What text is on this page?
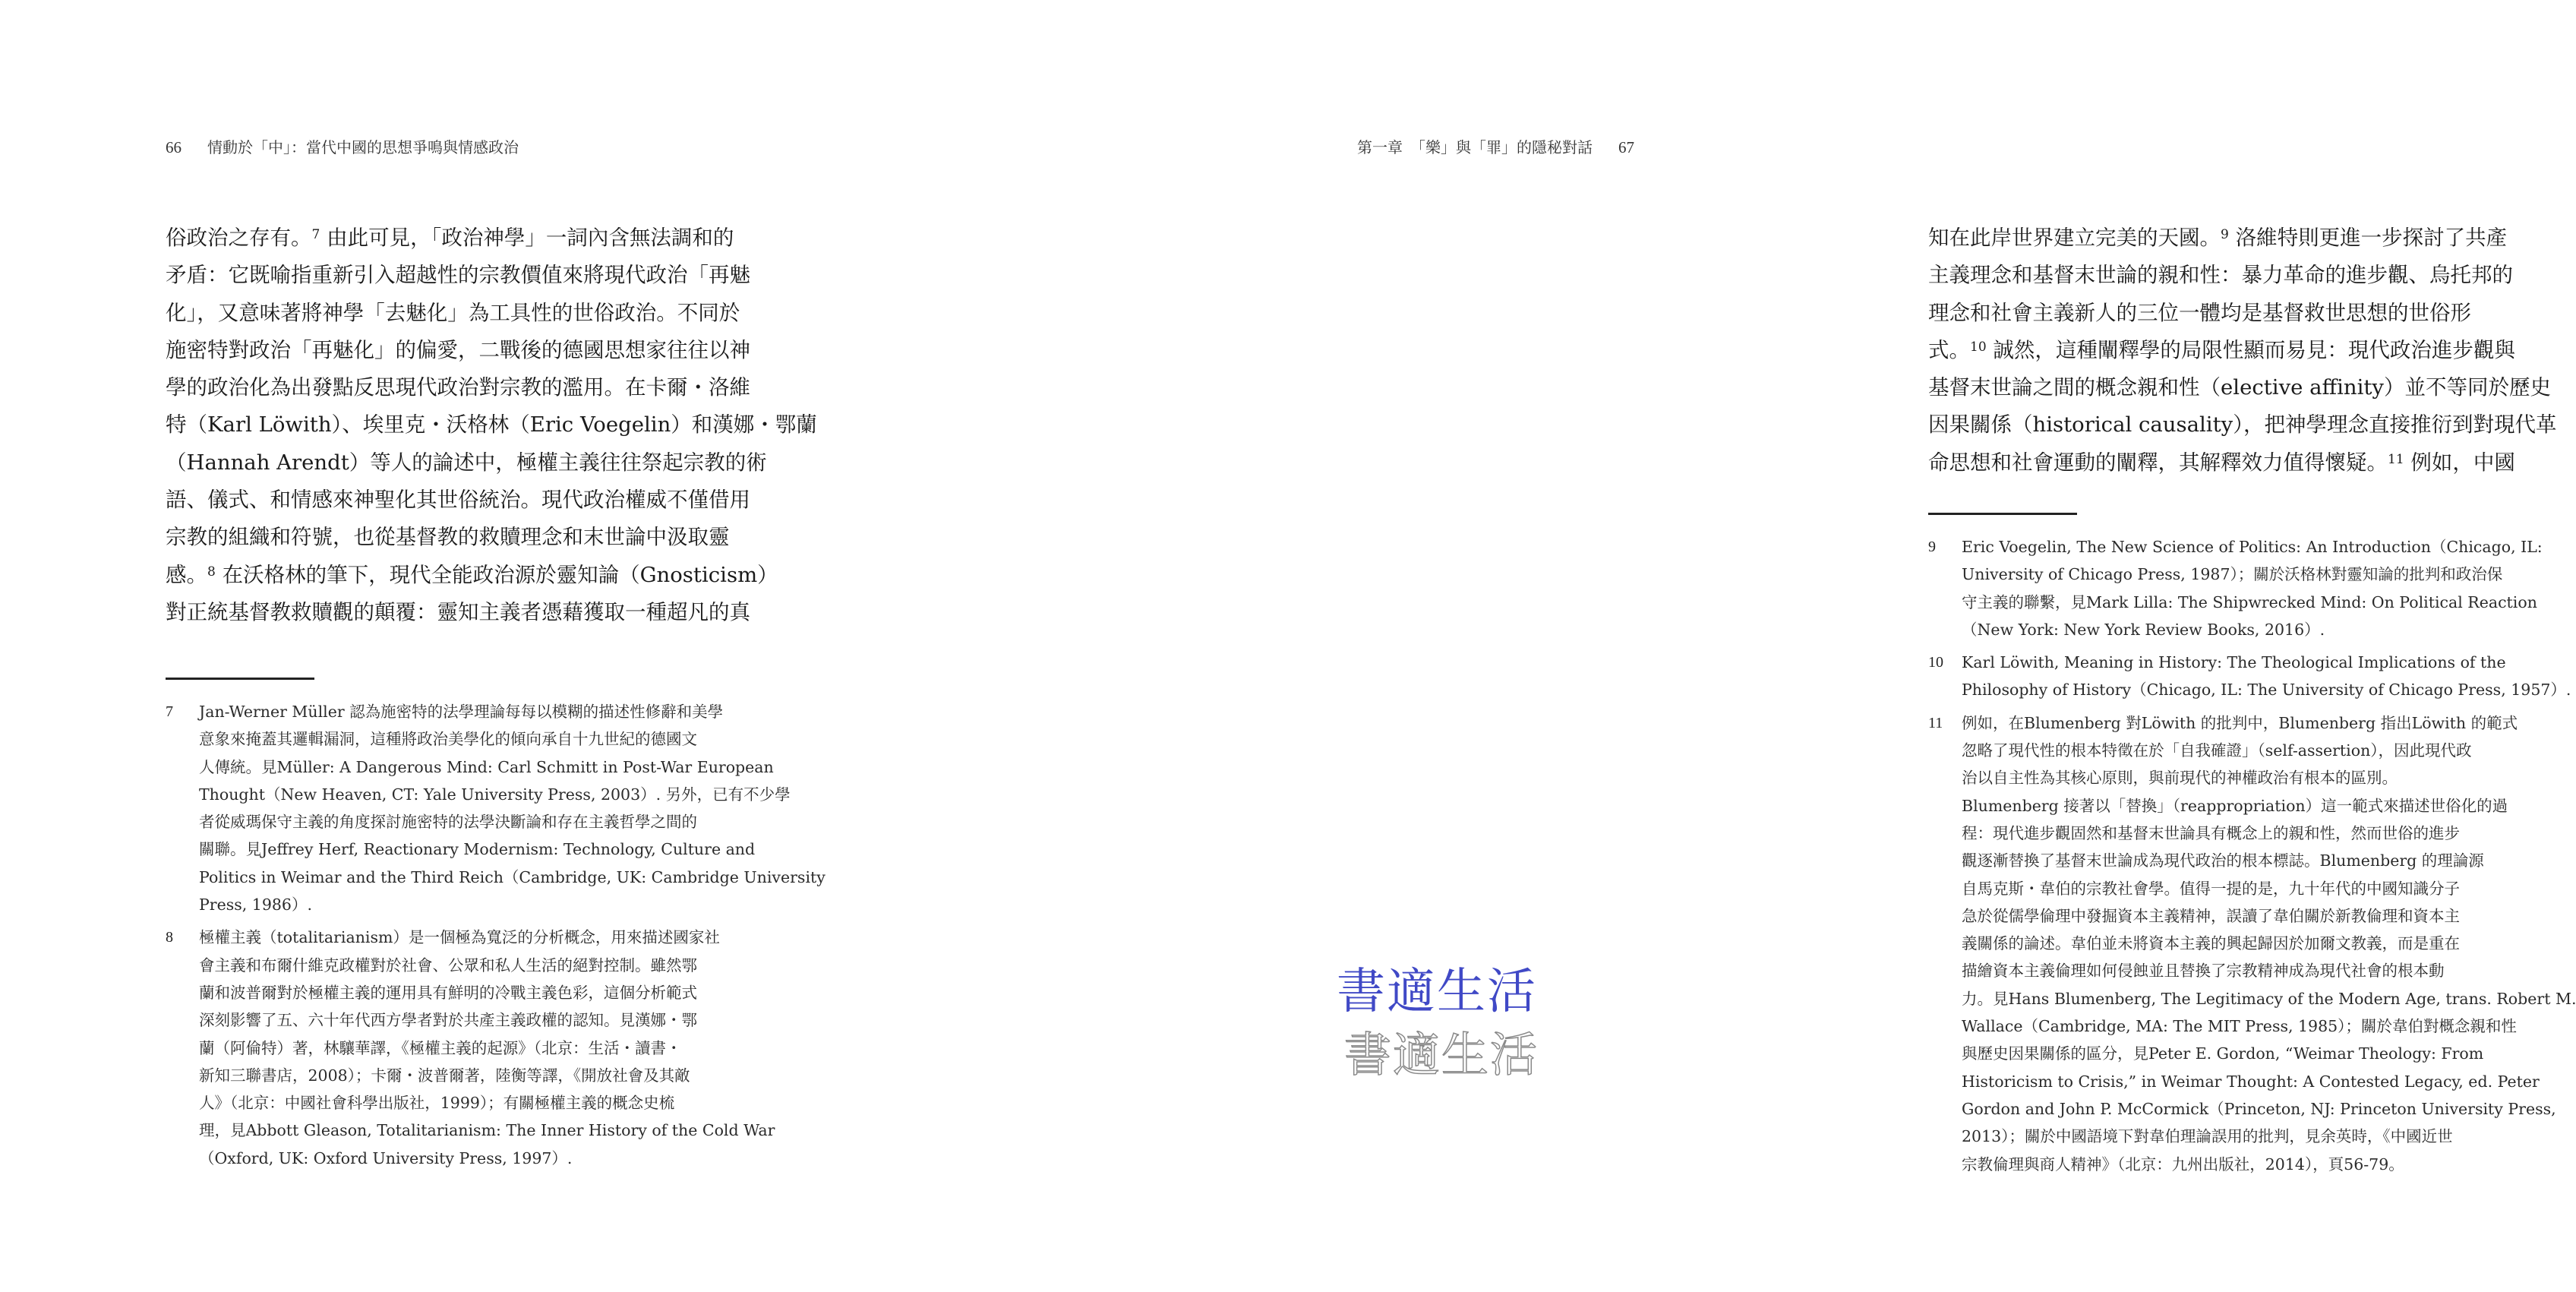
66 情動於「中」：當代中國的思想爭鳴與情感政治
俗政治之存有。$^7$ 由此可見，「政治神學」一詞內含無法調和的
矛盾：它既喻指重新引入超越性的宗教價值來將現代政治「再魅
化」，又意味著將神學「去魅化」為工具性的世俗政治。不同於
施密特對政治「再魅化」的偏愛，二戰後的德國思想家往往以神
學的政治化為出發點反思現代政治對宗教的濫用。在卡爾・洛維
特（Karl Löwith）、埃里克・沃格林（Eric Voegelin）和漢娜・鄂蘭
（Hannah Arendt）等人的論述中，極權主義往往祭起宗教的術
語、儀式、和情感來神聖化其世俗統治。現代政治權威不僅借用
宗教的組織和符號，也從基督教的救贖理念和末世論中汲取靈
感。$^8$ 在沃格林的筆下，現代全能政治源於靈知論（Gnosticism）
對正統基督教救贖觀的顛覆：靈知主義者憑藉獲取一種超凡的真
7 Jan-Werner Müller 認為施密特的法學理論每每以模糊的描述性修辭和美學
意象來掩蓋其邏輯漏洞，這種將政治美學化的傾向承自十九世紀的德國文
人傳統。見Müller: A Dangerous Mind: Carl Schmitt in Post-War European
Thought（New Heaven, CT: Yale University Press, 2003）. 另外，已有不少學
者從威瑪保守主義的角度探討施密特的法學決斷論和存在主義哲學之間的
關聯。見Jeffrey Herf, Reactionary Modernism: Technology, Culture and
Politics in Weimar and the Third Reich（Cambridge, UK: Cambridge University
Press, 1986）.
8 極權主義（totalitarianism）是一個極為寬泛的分析概念，用來描述國家社
會主義和布爾什維克政權對於社會、公眾和私人生活的絕對控制。雖然鄂
蘭和波普爾對於極權主義的運用具有鮮明的冷戰主義色彩，這個分析範式
深刻影響了五、六十年代西方學者對於共產主義政權的認知。見漢娜・鄂
蘭（阿倫特）著，林驤華譯，《極權主義的起源》（北京：生活・讀書・
新知三聯書店，2008）；卡爾・波普爾著，陸衡等譯，《開放社會及其敵
人》（北京：中國社會科學出版社，1999）；有關極權主義的概念史梳
理，見Abbott Gleason, Totalitarianism: The Inner History of the Cold War
（Oxford, UK: Oxford University Press, 1997）.
第一章　「樂」與「罪」的隱秘對話 67
知在此岸世界建立完美的天國。$^9$ 洛維特則更進一步探討了共產
主義理念和基督末世論的親和性：暴力革命的進步觀、烏托邦的
理念和社會主義新人的三位一體均是基督救世思想的世俗形
式。$^{10}$ 誠然，這種闡釋學的局限性顯而易見：現代政治進步觀與
基督末世論之間的概念親和性（elective affinity）並不等同於歷史
因果關係（historical causality），把神學理念直接推衍到對現代革
命思想和社會運動的闡釋，其解釋效力值得懷疑。$^{11}$ 例如，中國
9 Eric Voegelin, The New Science of Politics: An Introduction（Chicago, IL:
University of Chicago Press, 1987）；關於沃格林對靈知論的批判和政治保
守主義的聯繫，見Mark Lilla: The Shipwrecked Mind: On Political Reaction
（New York: New York Review Books, 2016）.
10 Karl Löwith, Meaning in History: The Theological Implications of the
Philosophy of History（Chicago, IL: The University of Chicago Press, 1957）.
11 例如，在Blumenberg 對Löwith 的批判中，Blumenberg 指出Löwith 的範式
忽略了現代性的根本特徵在於「自我確證」（self-assertion），因此現代政
治以自主性為其核心原則，與前現代的神權政治有根本的區別。
Blumenberg 接著以「替換」（reappropriation）這一範式來描述世俗化的過
程：現代進步觀固然和基督末世論具有概念上的親和性，然而世俗的進步
觀逐漸替換了基督末世論成為現代政治的根本標誌。Blumenberg 的理論源
自馬克斯・韋伯的宗教社會學。值得一提的是，九十年代的中國知識分子
急於從儒學倫理中發掘資本主義精神，誤讀了韋伯關於新教倫理和資本主
義關係的論述。韋伯並未將資本主義的興起歸因於加爾文教義，而是重在
描繪資本主義倫理如何侵蝕並且替換了宗教精神成為現代社會的根本動
力。見Hans Blumenberg, The Legitimacy of the Modern Age, trans. Robert M.
Wallace（Cambridge, MA: The MIT Press, 1985）；關於韋伯對概念親和性
與歷史因果關係的區分，見Peter E. Gordon, “Weimar Theology: From
Historicism to Crisis,” in Weimar Thought: A Contested Legacy, ed. Peter
Gordon and John P. McCormick（Princeton, NJ: Princeton University Press,
2013）；關於中國語境下對韋伯理論誤用的批判，見余英時，《中國近世
宗教倫理與商人精神》（北京：九州出版社，2014），頁56-79。
書適生活
書適生活
